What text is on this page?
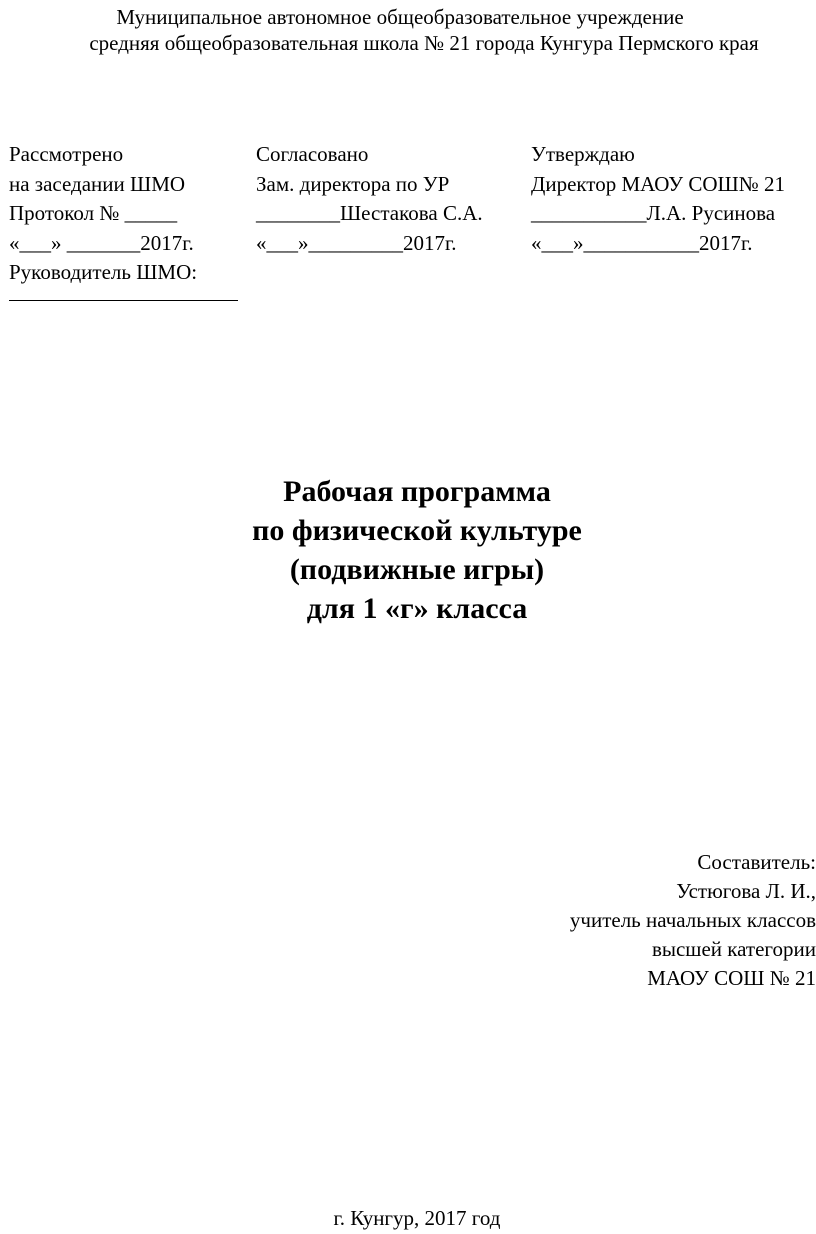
Муниципальное автономное общеобразовательное учреждение
средняя общеобразовательная школа № 21 города Кунгура Пермского края
Рассмотрено
на заседании ШМО
Протокол № _____
«___» _______2017г.
Руководитель ШМО:
Согласовано
Зам. директора по УР
________Шестакова С.А.
«___»_________2017г.
Утверждаю
Директор МАОУ СОШ№ 21
___________Л.А. Русинова
«___»___________2017г.
Рабочая программа
по физической культуре
(подвижные игры)
для 1 «г» класса
Составитель:
Устюгова Л. И.,
учитель начальных классов
высшей категории
МАОУ СОШ № 21
г. Кунгур, 2017 год
